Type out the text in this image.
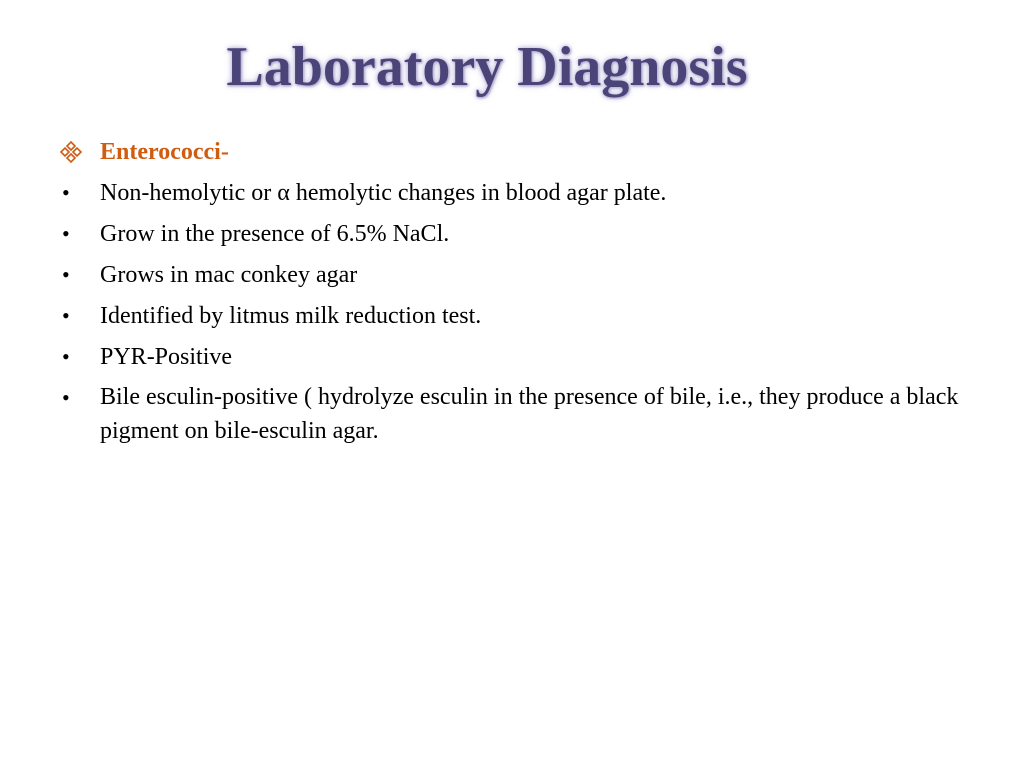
Laboratory Diagnosis
Enterococci-
•	Non-hemolytic or α hemolytic changes in blood agar plate.
•	Grow in the presence of 6.5% NaCl.
•	Grows in mac conkey agar
•	Identified by litmus milk reduction test.
•	PYR-Positive
•	Bile esculin-positive ( hydrolyze esculin in the presence of bile, i.e., they produce a black pigment on bile-esculin agar.
